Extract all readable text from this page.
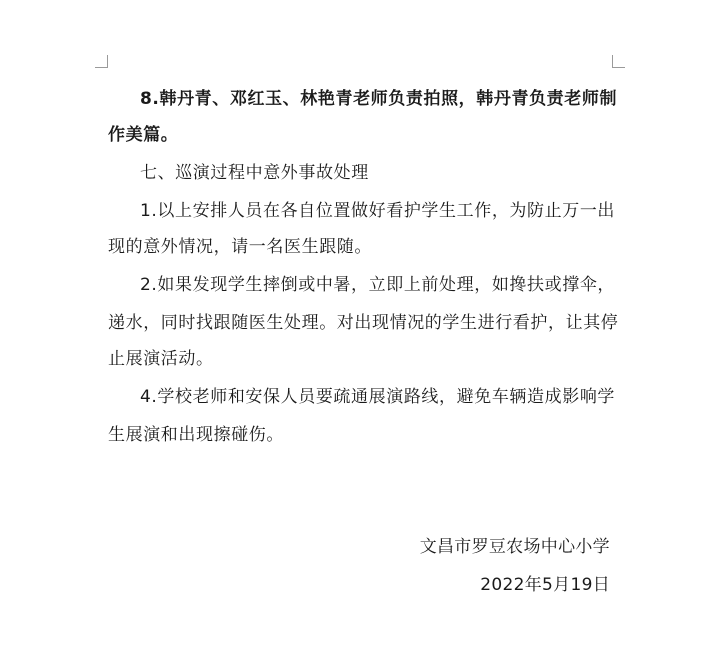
8.韩丹青、邓红玉、林艳青老师负责拍照，韩丹青负责老师制
作美篇。
七、巡演过程中意外事故处理
1.以上安排人员在各自位置做好看护学生工作，为防止万一出
现的意外情况，请一名医生跟随。
2.如果发现学生摔倒或中暑，立即上前处理，如搀扶或撑伞，
递水，同时找跟随医生处理。对出现情况的学生进行看护，让其停
止展演活动。
4.学校老师和安保人员要疏通展演路线，避免车辆造成影响学
生展演和出现擦碰伤。
文昌市罗豆农场中心小学
2022年5月19日
